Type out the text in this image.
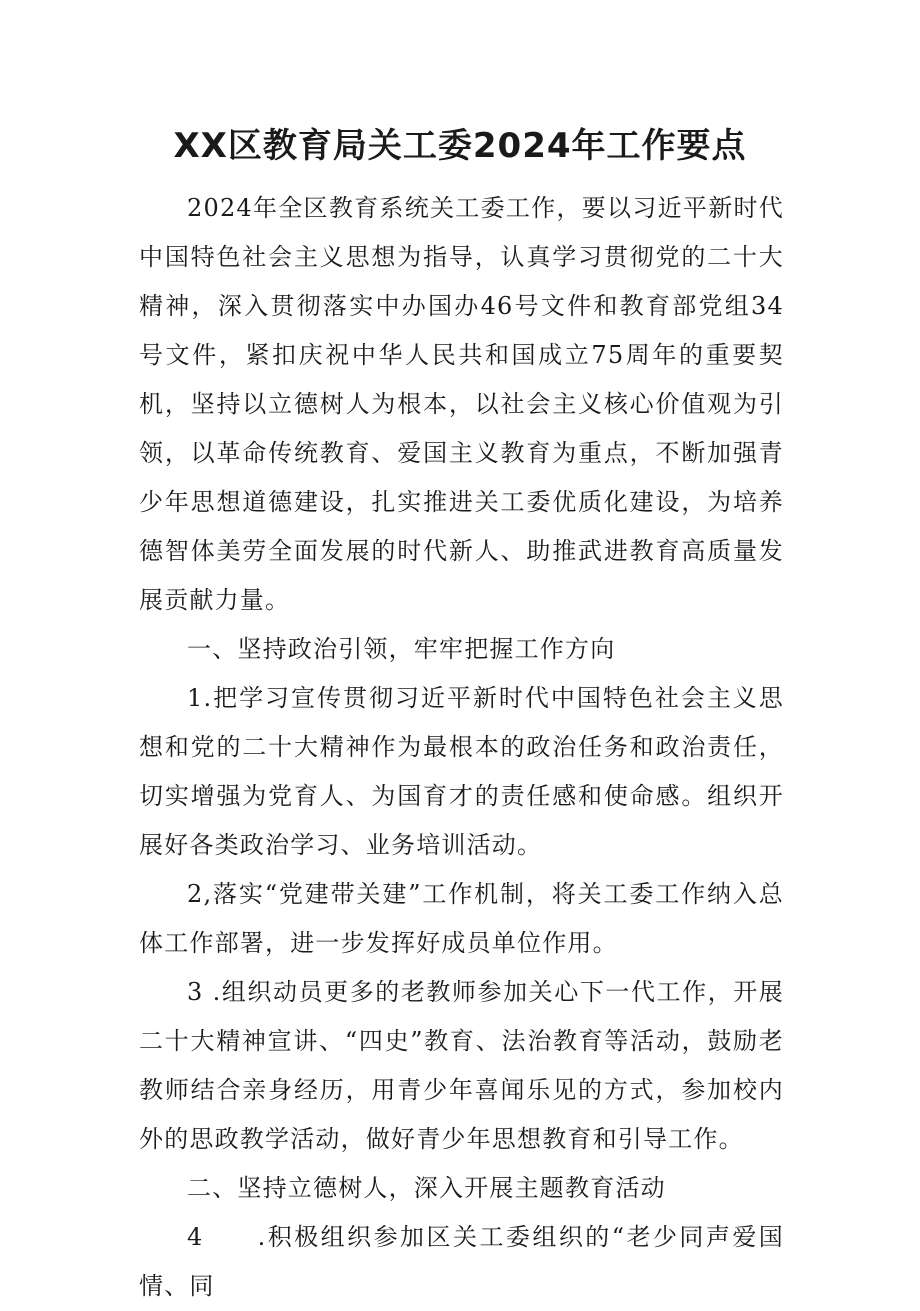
XX区教育局关工委2024年工作要点

2024年全区教育系统关工委工作，要以习近平新时代中国特色社会主义思想为指导，认真学习贯彻党的二十大精神，深入贯彻落实中办国办46号文件和教育部党组34号文件，紧扣庆祝中华人民共和国成立75周年的重要契机，坚持以立德树人为根本，以社会主义核心价值观为引领，以革命传统教育、爱国主义教育为重点，不断加强青少年思想道德建设，扎实推进关工委优质化建设，为培养德智体美劳全面发展的时代新人、助推武进教育高质量发展贡献力量。

一、坚持政治引领，牢牢把握工作方向

1.把学习宣传贯彻习近平新时代中国特色社会主义思想和党的二十大精神作为最根本的政治任务和政治责任，切实增强为党育人、为国育才的责任感和使命感。组织开展好各类政治学习、业务培训活动。

2,落实“党建带关建”工作机制，将关工委工作纳入总体工作部署，进一步发挥好成员单位作用。

3 .组织动员更多的老教师参加关心下一代工作，开展二十大精神宣讲、“四史”教育、法治教育等活动，鼓励老教师结合亲身经历，用青少年喜闻乐见的方式，参加校内外的思政教学活动，做好青少年思想教育和引导工作。

二、坚持立德树人，深入开展主题教育活动

4　　.积极组织参加区关工委组织的“老少同声爱国情、同
